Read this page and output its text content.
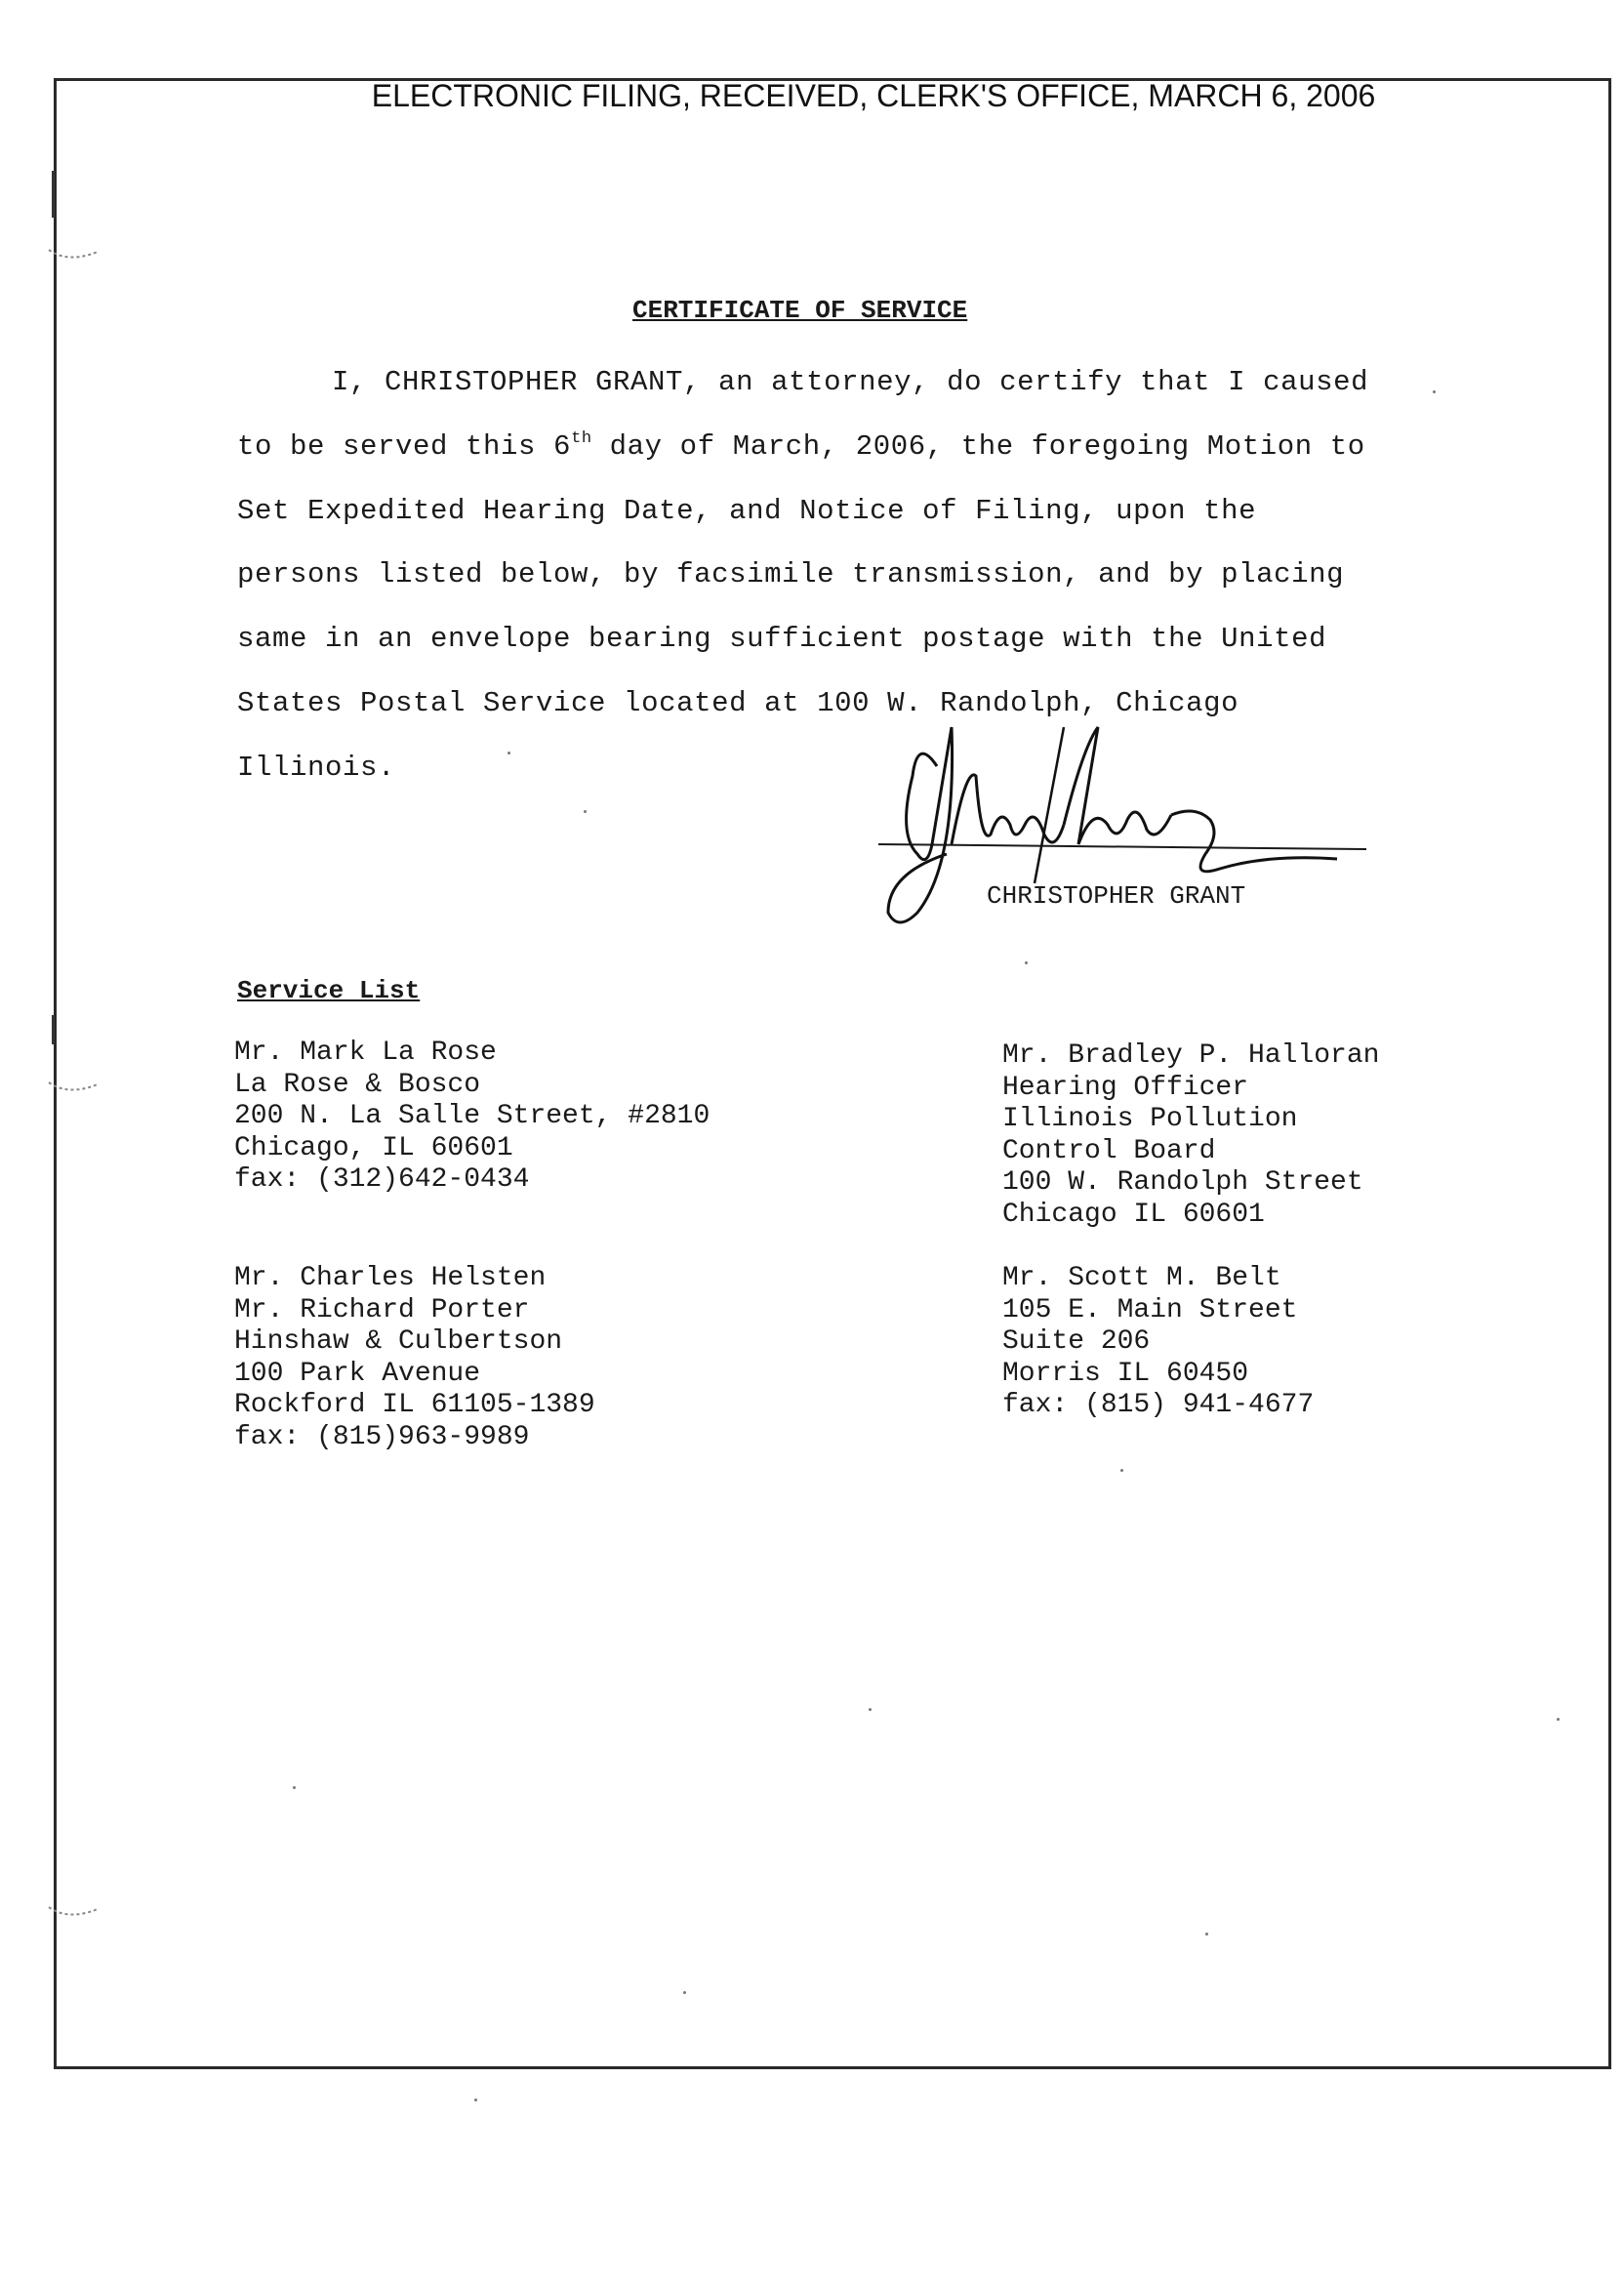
ELECTRONIC FILING, RECEIVED, CLERK'S OFFICE, MARCH 6, 2006
CERTIFICATE OF SERVICE
I, CHRISTOPHER GRANT, an attorney, do certify that I caused
to be served this 6th day of March, 2006, the foregoing Motion to
Set Expedited Hearing Date, and Notice of Filing, upon the
persons listed below, by facsimile transmission, and by placing
same in an envelope bearing sufficient postage with the United
States Postal Service located at 100 W. Randolph, Chicago
Illinois.
CHRISTOPHER GRANT
Service List
Mr. Mark La Rose
La Rose & Bosco
200 N. La Salle Street, #2810
Chicago, IL 60601
fax: (312)642-0434
Mr. Bradley P. Halloran
Hearing Officer
Illinois Pollution
Control Board
100 W. Randolph Street
Chicago IL 60601
Mr. Charles Helsten
Mr. Richard Porter
Hinshaw & Culbertson
100 Park Avenue
Rockford IL 61105-1389
fax: (815)963-9989
Mr. Scott M. Belt
105 E. Main Street
Suite 206
Morris IL 60450
fax: (815) 941-4677
